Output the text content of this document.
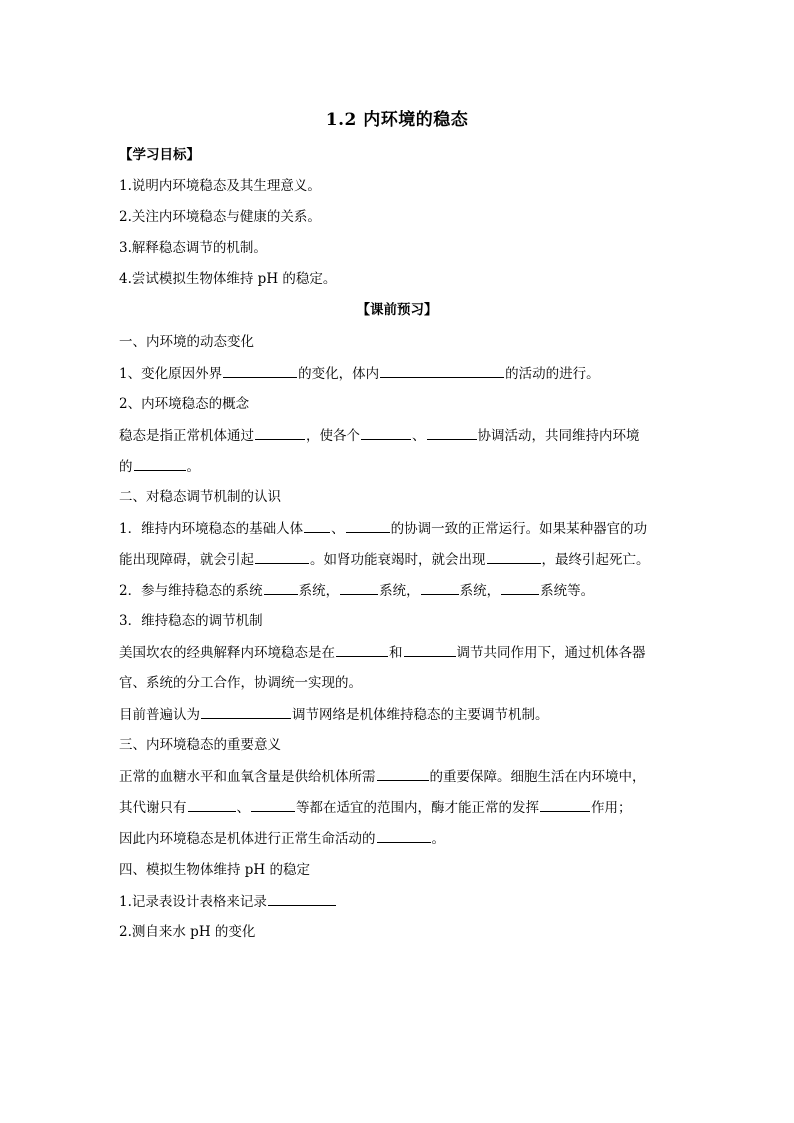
1.2 内环境的稳态
【学习目标】
1.说明内环境稳态及其生理意义。
2.关注内环境稳态与健康的关系。
3.解释稳态调节的机制。
4.尝试模拟生物体维持 pH 的稳定。
【课前预习】
一、内环境的动态变化
1、变化原因外界	的变化，体内	的活动的进行。
2、内环境稳态的概念
稳态是指正常机体通过	，使各个	、	协调活动，共同维持内环境
的	。
二、对稳态调节机制的认识
1．维持内环境稳态的基础人体 、	的协调一致的正常运行。如果某种器官的功
能出现障碍，就会引起	。如肾功能衰竭时，就会出现	，最终引起死亡。
2．参与维持稳态的系统	系统，	系统，	系统，	系统等。
3．维持稳态的调节机制
美国坎农的经典解释内环境稳态是在	和	调节共同作用下，通过机体各器
官、系统的分工合作，协调统一实现的。
目前普遍认为	调节网络是机体维持稳态的主要调节机制。
三、内环境稳态的重要意义
正常的血糖水平和血氧含量是供给机体所需	的重要保障。细胞生活在内环境中，
其代谢只有	、	等都在适宜的范围内，酶才能正常的发挥	作用；
因此内环境稳态是机体进行正常生命活动的	。
四、模拟生物体维持 pH 的稳定
1.记录表设计表格来记录
2.测自来水 pH 的变化
